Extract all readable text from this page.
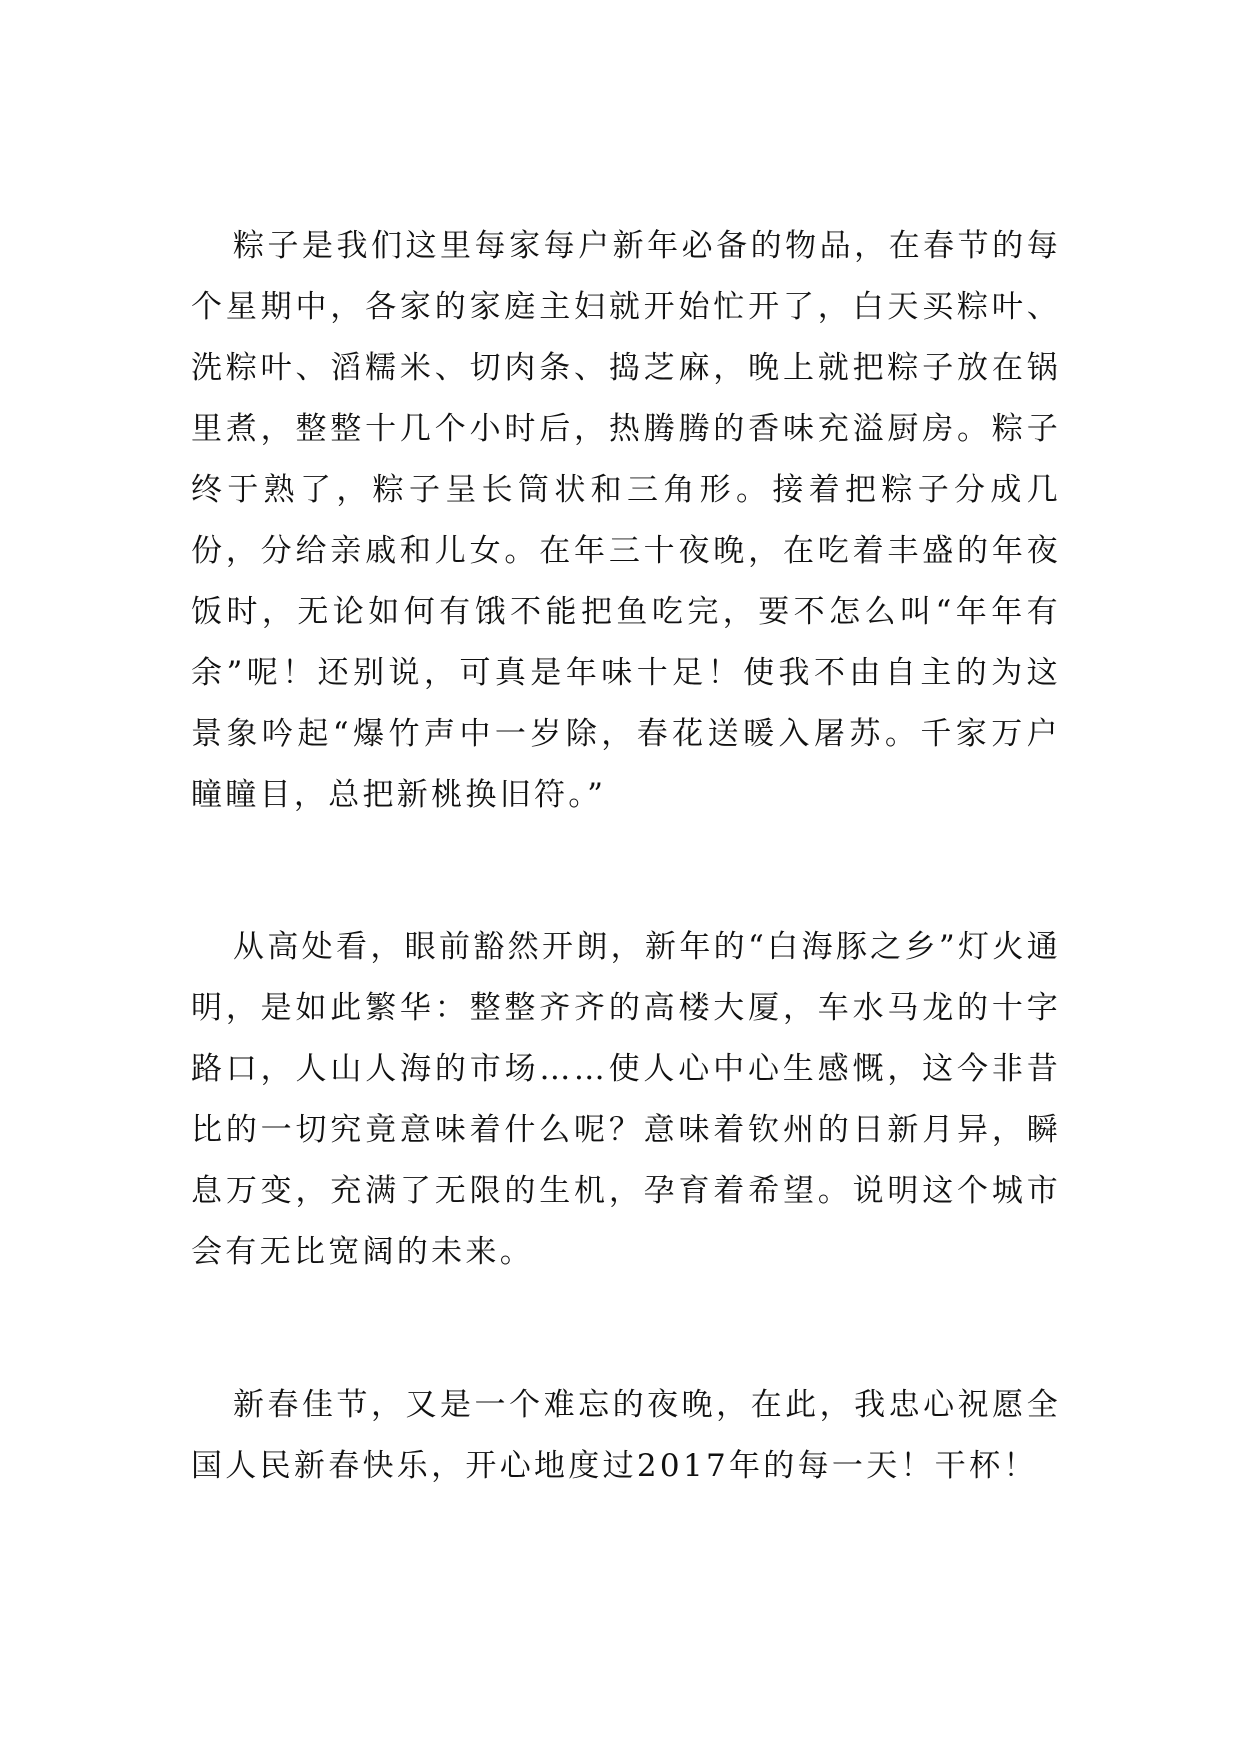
粽子是我们这里每家每户新年必备的物品，在春节的每个星期中，各家的家庭主妇就开始忙开了，白天买粽叶、洗粽叶、滔糯米、切肉条、捣芝麻，晚上就把粽子放在锅里煮，整整十几个小时后，热腾腾的香味充溢厨房。粽子终于熟了，粽子呈长筒状和三角形。接着把粽子分成几份，分给亲戚和儿女。在年三十夜晚，在吃着丰盛的年夜饭时，无论如何有饿不能把鱼吃完，要不怎么叫“年年有余”呢！还别说，可真是年味十足！使我不由自主的为这景象吟起“爆竹声中一岁除，春花送暖入屠苏。千家万户瞳瞳目，总把新桃换旧符。”

从高处看，眼前豁然开朗，新年的“白海豚之乡”灯火通明，是如此繁华：整整齐齐的高楼大厦，车水马龙的十字路口，人山人海的市场……使人心中心生感慨，这今非昔比的一切究竟意味着什么呢？意味着钦州的日新月异，瞬息万变，充满了无限的生机，孕育着希望。说明这个城市会有无比宽阔的未来。

新春佳节，又是一个难忘的夜晚，在此，我忠心祝愿全国人民新春快乐，开心地度过2017年的每一天！干杯！
